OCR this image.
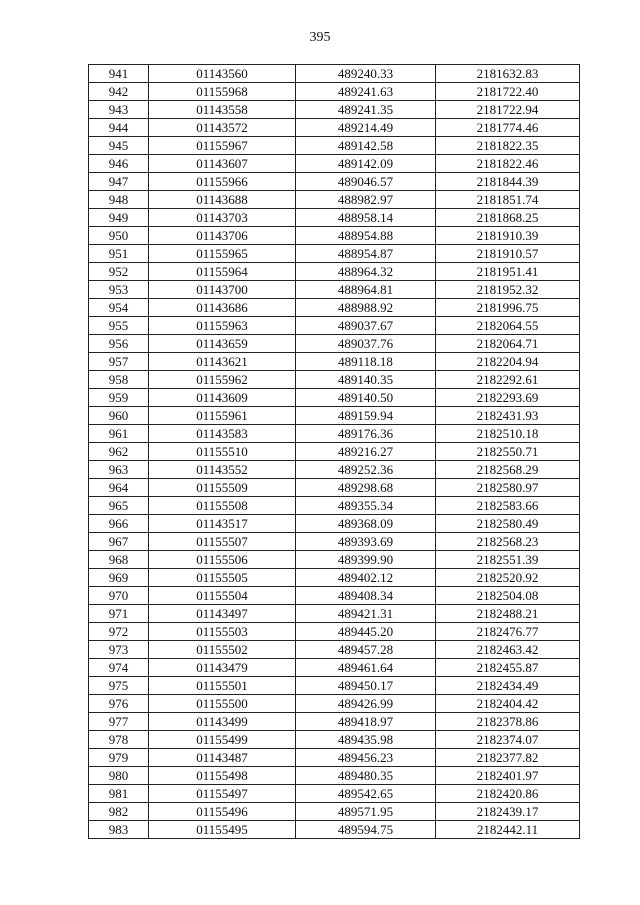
395
941	01143560	489240.33	2181632.83
942	01155968	489241.63	2181722.40
943	01143558	489241.35	2181722.94
944	01143572	489214.49	2181774.46
945	01155967	489142.58	2181822.35
946	01143607	489142.09	2181822.46
947	01155966	489046.57	2181844.39
948	01143688	488982.97	2181851.74
949	01143703	488958.14	2181868.25
950	01143706	488954.88	2181910.39
951	01155965	488954.87	2181910.57
952	01155964	488964.32	2181951.41
953	01143700	488964.81	2181952.32
954	01143686	488988.92	2181996.75
955	01155963	489037.67	2182064.55
956	01143659	489037.76	2182064.71
957	01143621	489118.18	2182204.94
958	01155962	489140.35	2182292.61
959	01143609	489140.50	2182293.69
960	01155961	489159.94	2182431.93
961	01143583	489176.36	2182510.18
962	01155510	489216.27	2182550.71
963	01143552	489252.36	2182568.29
964	01155509	489298.68	2182580.97
965	01155508	489355.34	2182583.66
966	01143517	489368.09	2182580.49
967	01155507	489393.69	2182568.23
968	01155506	489399.90	2182551.39
969	01155505	489402.12	2182520.92
970	01155504	489408.34	2182504.08
971	01143497	489421.31	2182488.21
972	01155503	489445.20	2182476.77
973	01155502	489457.28	2182463.42
974	01143479	489461.64	2182455.87
975	01155501	489450.17	2182434.49
976	01155500	489426.99	2182404.42
977	01143499	489418.97	2182378.86
978	01155499	489435.98	2182374.07
979	01143487	489456.23	2182377.82
980	01155498	489480.35	2182401.97
981	01155497	489542.65	2182420.86
982	01155496	489571.95	2182439.17
983	01155495	489594.75	2182442.11
